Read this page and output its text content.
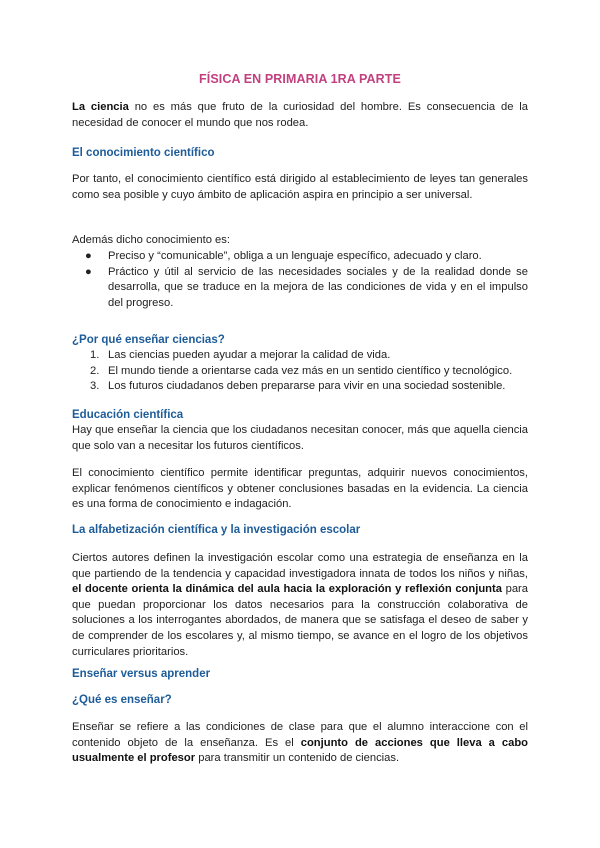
FÍSICA EN PRIMARIA 1RA PARTE

La ciencia no es más que fruto de la curiosidad del hombre. Es consecuencia de la necesidad de conocer el mundo que nos rodea.

El conocimiento científico

Por tanto, el conocimiento científico está dirigido al establecimiento de leyes tan generales como sea posible y cuyo ámbito de aplicación aspira en principio a ser universal.

Además dicho conocimiento es:
● Preciso y “comunicable”, obliga a un lenguaje específico, adecuado y claro.
● Práctico y útil al servicio de las necesidades sociales y de la realidad donde se desarrolla, que se traduce en la mejora de las condiciones de vida y en el impulso del progreso.
¿Por qué enseñar ciencias?
1. Las ciencias pueden ayudar a mejorar la calidad de vida.
2. El mundo tiende a orientarse cada vez más en un sentido científico y tecnológico.
3. Los futuros ciudadanos deben prepararse para vivir en una sociedad sostenible.
Educación científica

Hay que enseñar la ciencia que los ciudadanos necesitan conocer, más que aquella ciencia que solo van a necesitar los futuros científicos.

El conocimiento científico permite identificar preguntas, adquirir nuevos conocimientos, explicar fenómenos científicos y obtener conclusiones basadas en la evidencia. La ciencia es una forma de conocimiento e indagación.

La alfabetización científica y la investigación escolar

Ciertos autores definen la investigación escolar como una estrategia de enseñanza en la que partiendo de la tendencia y capacidad investigadora innata de todos los niños y niñas, el docente orienta la dinámica del aula hacia la exploración y reflexión conjunta para que puedan proporcionar los datos necesarios para la construcción colaborativa de soluciones a los interrogantes abordados, de manera que se satisfaga el deseo de saber y de comprender de los escolares y, al mismo tiempo, se avance en el logro de los objetivos curriculares prioritarios.

Enseñar versus aprender
¿Qué es enseñar?

Enseñar se refiere a las condiciones de clase para que el alumno interaccione con el contenido objeto de la enseñanza. Es el conjunto de acciones que lleva a cabo usualmente el profesor para transmitir un contenido de ciencias.
